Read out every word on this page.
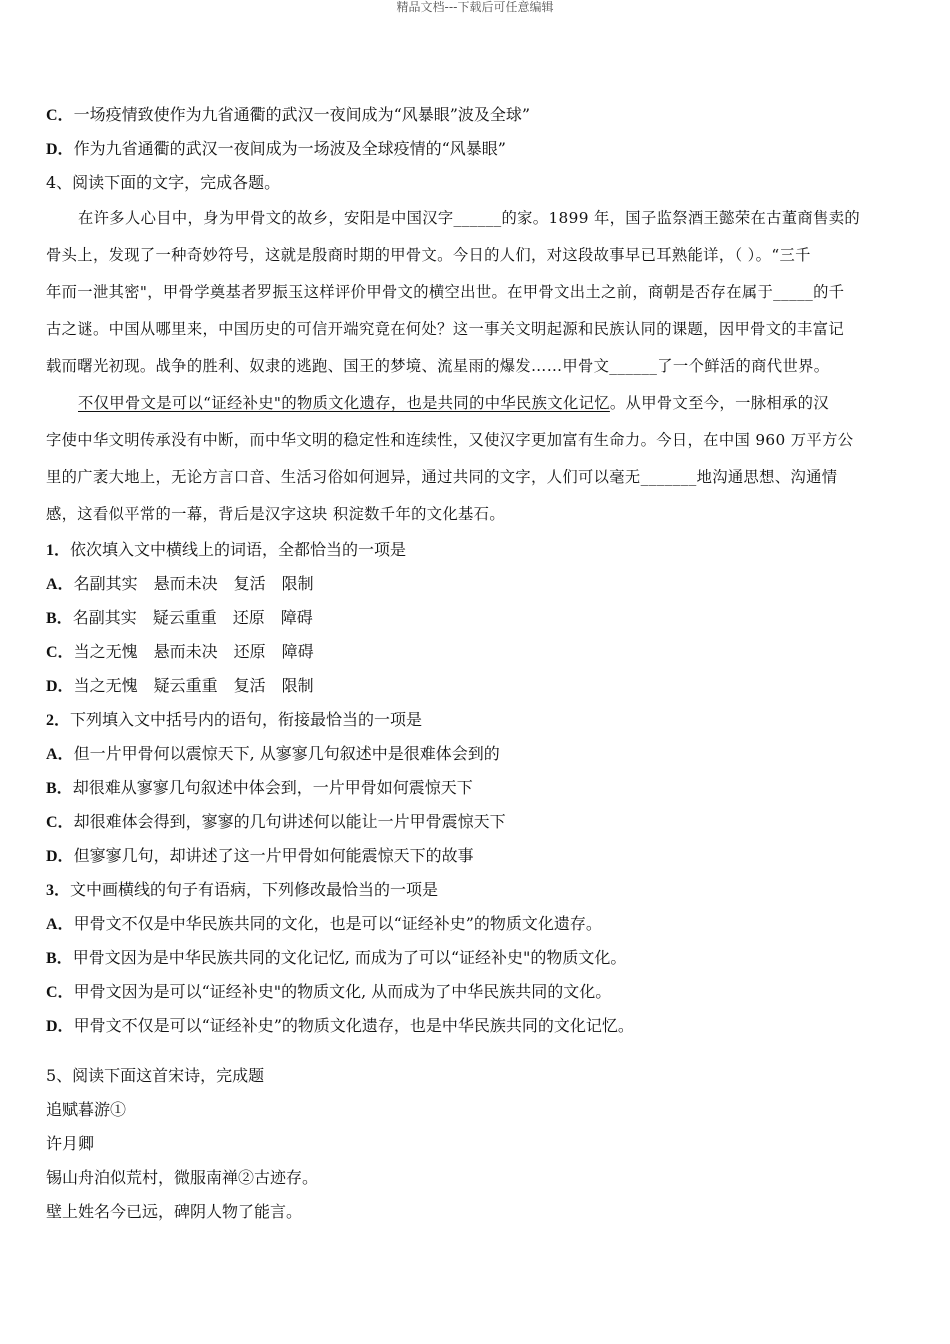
精品文档---下载后可任意编辑
C．一场疫情致使作为九省通衢的武汉一夜间成为“风暴眼”波及全球”
D．作为九省通衢的武汉一夜间成为一场波及全球疫情的“风暴眼”
4、阅读下面的文字，完成各题。
在许多人心目中，身为甲骨文的故乡，安阳是中国汉字______的家。1899 年，国子监祭酒王懿荣在古董商售卖的
骨头上，发现了一种奇妙符号，这就是殷商时期的甲骨文。今日的人们，对这段故事早已耳熟能详，（ ）。“三千
年而一泄其密"，甲骨学奠基者罗振玉这样评价甲骨文的横空出世。在甲骨文出土之前，商朝是否存在属于_____的千
古之谜。中国从哪里来，中国历史的可信开端究竟在何处？这一事关文明起源和民族认同的课题，因甲骨文的丰富记
载而曙光初现。战争的胜利、奴隶的逃跑、国王的梦境、流星雨的爆发……甲骨文______了一个鲜活的商代世界。
不仅甲骨文是可以“证经补史"的物质文化遗存，也是共同的中华民族文化记忆。从甲骨文至今，一脉相承的汉
字使中华文明传承没有中断，而中华文明的稳定性和连续性，又使汉字更加富有生命力。今日，在中国 960 万平方公
里的广袤大地上，无论方言口音、生活习俗如何迥异，通过共同的文字，人们可以毫无_______地沟通思想、沟通情
感，这看似平常的一幕，背后是汉字这块 积淀数千年的文化基石。
1．依次填入文中横线上的词语，全都恰当的一项是
A．名副其实 悬而未决 复活 限制
B．名副其实 疑云重重 还原 障碍
C．当之无愧 悬而未决 还原 障碍
D．当之无愧 疑云重重 复活 限制
2．下列填入文中括号内的语句，衔接最恰当的一项是
A．但一片甲骨何以震惊天下, 从寥寥几句叙述中是很难体会到的
B．却很难从寥寥几句叙述中体会到，一片甲骨如何震惊天下
C．却很难体会得到，寥寥的几句讲述何以能让一片甲骨震惊天下
D．但寥寥几句，却讲述了这一片甲骨如何能震惊天下的故事
3．文中画横线的句子有语病，下列修改最恰当的一项是
A．甲骨文不仅是中华民族共同的文化，也是可以“证经补史”的物质文化遗存。
B．甲骨文因为是中华民族共同的文化记忆, 而成为了可以“证经补史"的物质文化。
C．甲骨文因为是可以“证经补史"的物质文化, 从而成为了中华民族共同的文化。
D．甲骨文不仅是可以“证经补史”的物质文化遗存，也是中华民族共同的文化记忆。
5、阅读下面这首宋诗，完成题
追赋暮游①
许月卿
锡山舟泊似荒村，微服南禅②古迹存。
壁上姓名今已远，碑阴人物了能言。
